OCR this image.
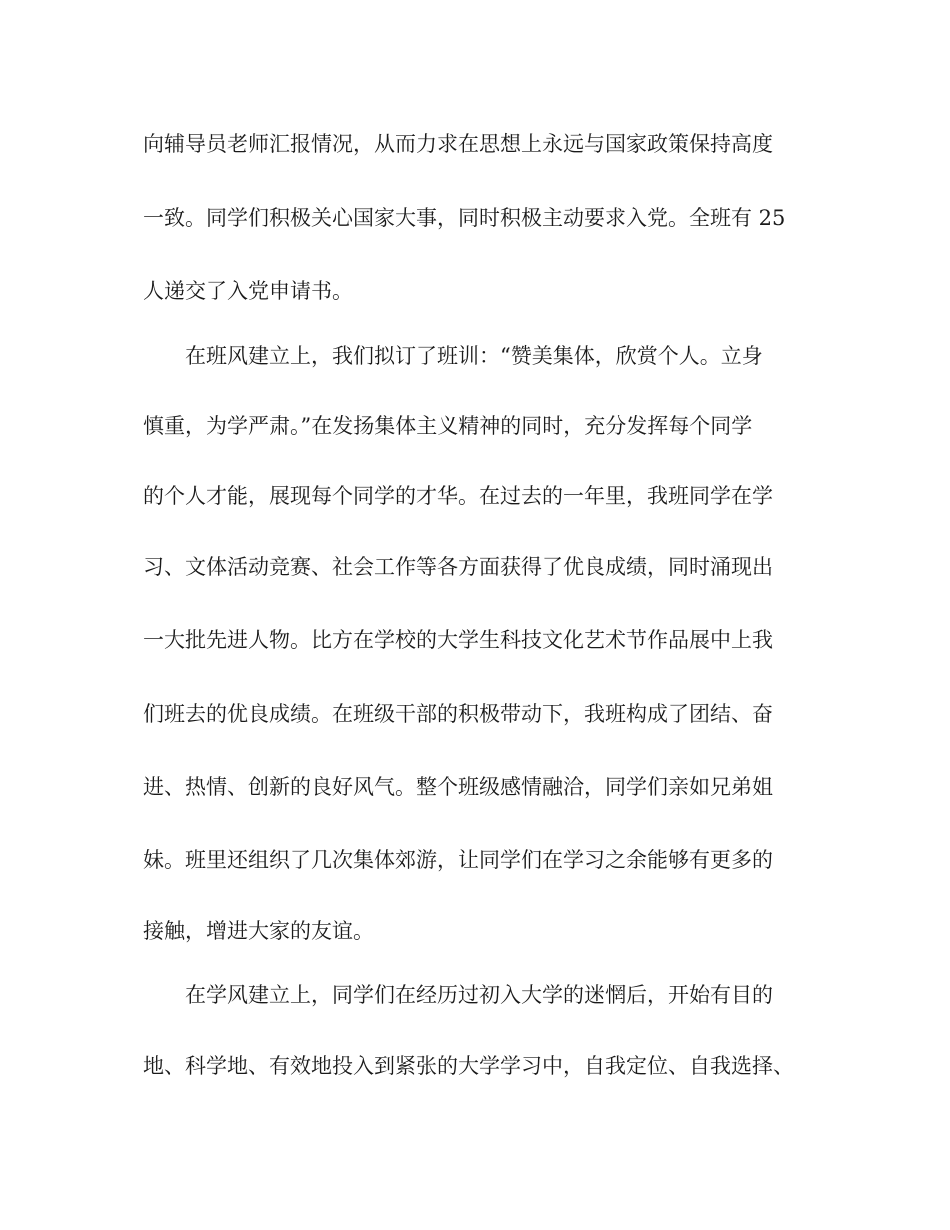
向辅导员老师汇报情况，从而力求在思想上永远与国家政策保持高度
一致。同学们积极关心国家大事，同时积极主动要求入党。全班有 25
人递交了入党申请书。
在班风建立上，我们拟订了班训：“赞美集体，欣赏个人。立身
慎重，为学严肃。”在发扬集体主义精神的同时，充分发挥每个同学
的个人才能，展现每个同学的才华。在过去的一年里，我班同学在学
习、文体活动竞赛、社会工作等各方面获得了优良成绩，同时涌现出
一大批先进人物。比方在学校的大学生科技文化艺术节作品展中上我
们班去的优良成绩。在班级干部的积极带动下，我班构成了团结、奋
进、热情、创新的良好风气。整个班级感情融洽，同学们亲如兄弟姐
妹。班里还组织了几次集体郊游，让同学们在学习之余能够有更多的
接触，增进大家的友谊。
在学风建立上，同学们在经历过初入大学的迷惘后，开始有目的
地、科学地、有效地投入到紧张的大学学习中，自我定位、自我选择、
